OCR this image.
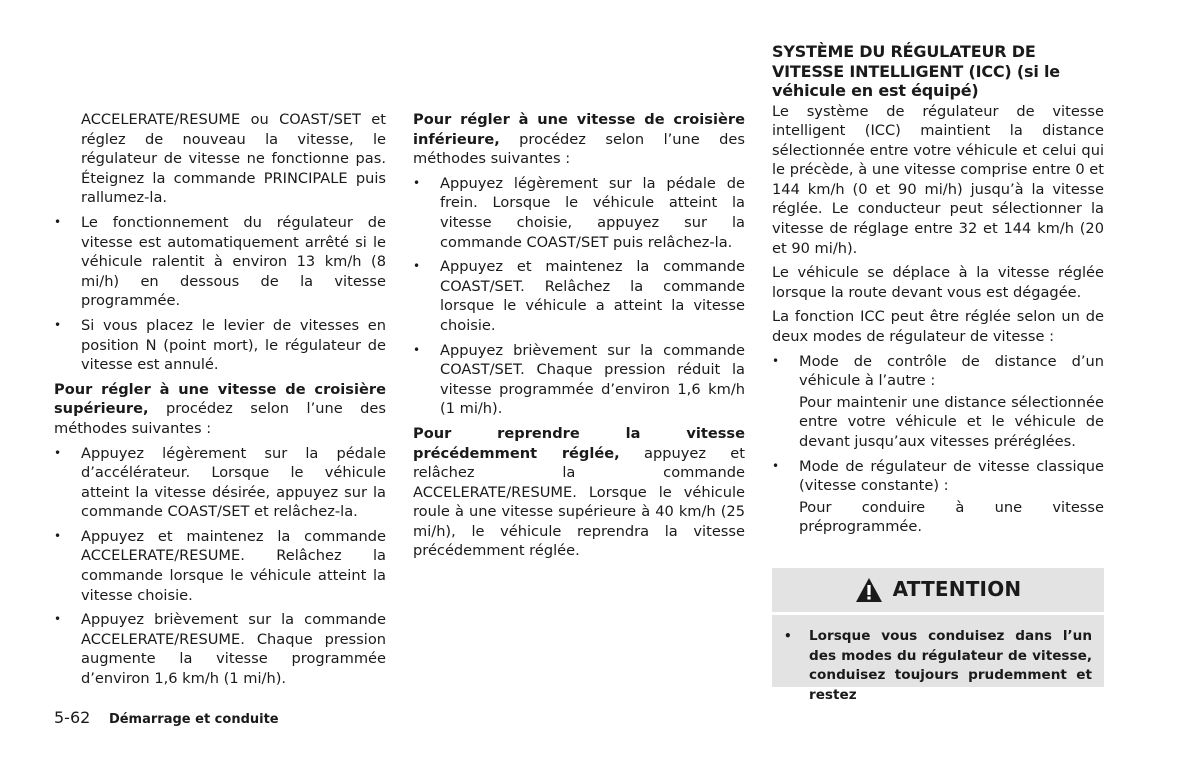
ACCELERATE/RESUME ou COAST/SET et réglez de nouveau la vitesse, le régulateur de vitesse ne fonctionne pas. Éteignez la commande PRINCIPALE puis rallumez-la.

• Le fonctionnement du régulateur de vitesse est automatiquement arrêté si le véhicule ralentit à environ 13 km/h (8 mi/h) en dessous de la vitesse programmée.
• Si vous placez le levier de vitesses en position N (point mort), le régulateur de vitesse est annulé.

Pour régler à une vitesse de croisière supérieure, procédez selon l’une des méthodes suivantes :

• Appuyez légèrement sur la pédale d’accélérateur. Lorsque le véhicule atteint la vitesse désirée, appuyez sur la commande COAST/SET et relâchez-la.
• Appuyez et maintenez la commande ACCELERATE/RESUME. Relâchez la commande lorsque le véhicule atteint la vitesse choisie.
• Appuyez brièvement sur la commande ACCELERATE/RESUME. Chaque pression augmente la vitesse programmée d’environ 1,6 km/h (1 mi/h).

Pour régler à une vitesse de croisière inférieure, procédez selon l’une des méthodes suivantes :

• Appuyez légèrement sur la pédale de frein. Lorsque le véhicule atteint la vitesse choisie, appuyez sur la commande COAST/SET puis relâchez-la.
• Appuyez et maintenez la commande COAST/SET. Relâchez la commande lorsque le véhicule a atteint la vitesse choisie.
• Appuyez brièvement sur la commande COAST/SET. Chaque pression réduit la vitesse programmée d’environ 1,6 km/h (1 mi/h).

Pour reprendre la vitesse précédemment réglée, appuyez et relâchez la commande ACCELERATE/RESUME. Lorsque le véhicule roule à une vitesse supérieure à 40 km/h (25 mi/h), le véhicule reprendra la vitesse précédemment réglée.

SYSTÈME DU RÉGULATEUR DE VITESSE INTELLIGENT (ICC) (si le véhicule en est équipé)

Le système de régulateur de vitesse intelligent (ICC) maintient la distance sélectionnée entre votre véhicule et celui qui le précède, à une vitesse comprise entre 0 et 144 km/h (0 et 90 mi/h) jusqu’à la vitesse réglée. Le conducteur peut sélectionner la vitesse de réglage entre 32 et 144 km/h (20 et 90 mi/h).

Le véhicule se déplace à la vitesse réglée lorsque la route devant vous est dégagée.

La fonction ICC peut être réglée selon un de deux modes de régulateur de vitesse :

• Mode de contrôle de distance d’un véhicule à l’autre :
Pour maintenir une distance sélectionnée entre votre véhicule et le véhicule de devant jusqu’aux vitesses préréglées.
• Mode de régulateur de vitesse classique (vitesse constante) :
Pour conduire à une vitesse préprogrammée.
ATTENTION
• Lorsque vous conduisez dans l’un des modes du régulateur de vitesse, conduisez toujours prudemment et restez
5-62 Démarrage et conduite
